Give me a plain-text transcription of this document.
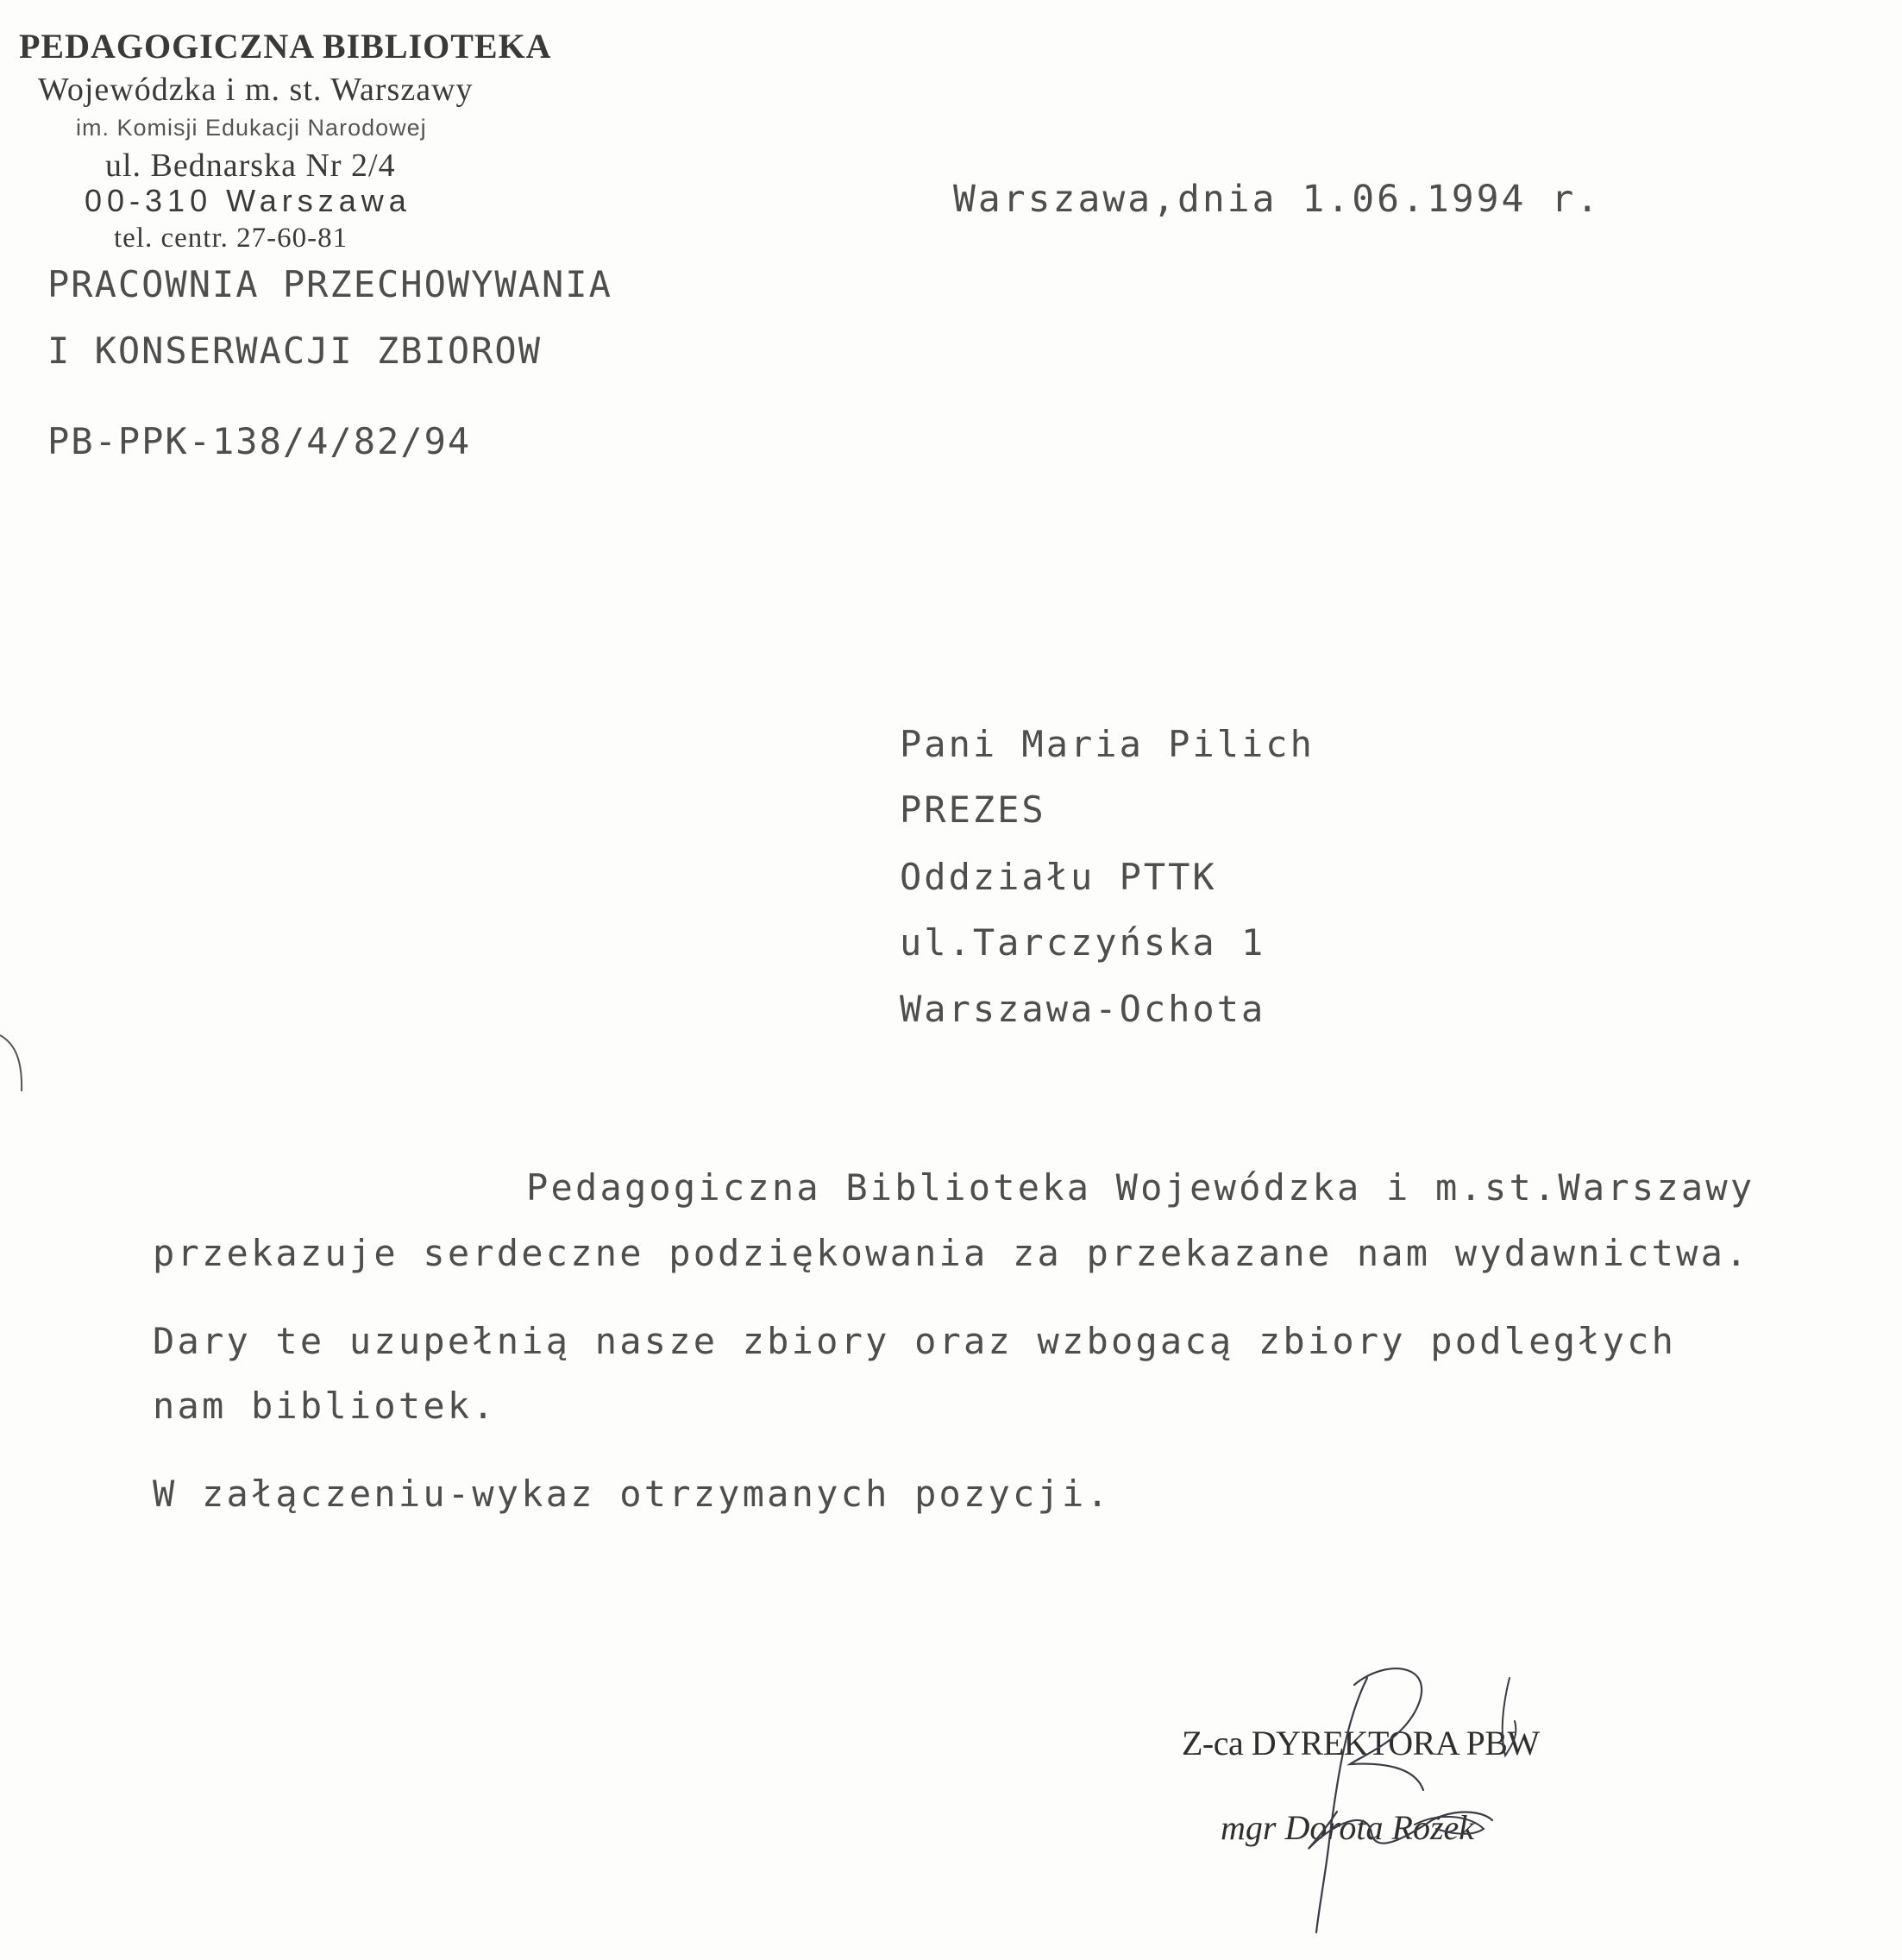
PEDAGOGICZNA BIBLIOTEKA
Wojewódzka i m. st. Warszawy
im. Komisji Edukacji Narodowej
ul. Bednarska Nr 2/4
00-310 Warszawa
tel. centr. 27-60-81
PRACOWNIA PRZECHOWYWANIA
I KONSERWACJI ZBIOROW
PB-PPK-138/4/82/94
Warszawa,dnia 1.06.1994 r.
Pani Maria Pilich
PREZES
Oddziału PTTK
ul.Tarczyńska 1
Warszawa-Ochota
Pedagogiczna Biblioteka Wojewódzka i m.st.Warszawy
przekazuje serdeczne podziękowania za przekazane nam wydawnictwa.
Dary te uzupełnią nasze zbiory oraz wzbogacą zbiory podległych
nam bibliotek.
W załączeniu-wykaz otrzymanych pozycji.
Z-ca DYREKTORA PBW
mgr Dorota Rożek
